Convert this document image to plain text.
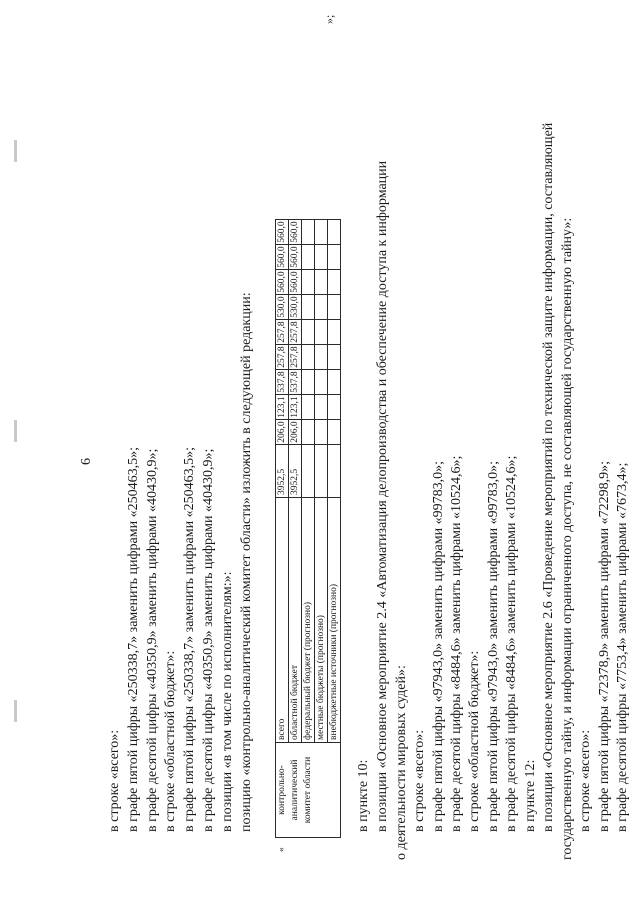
6
в строке «всего»: в графе пятой цифры «250338,7» заменить цифрами «250463,5»; в графе десятой цифры «40350,9» заменить цифрами «40430,9»; в строке «областной бюджет»: в графе пятой цифры «250338,7» заменить цифрами «250463,5»; в графе десятой цифры «40350,9» заменить цифрами «40430,9»; в позиции «в том числе по исполнителям:»: позицию «контрольно-аналитический комитет области» изложить в следующей редакции:
«	контрольно-аналитический комитет области	всего	3952,5	206,0	123,1	537,8	257,8	257,8	530,0	560,0	560,0	560,0
		областной бюджет	3952,5	206,0	123,1	537,8	257,8	257,8	530,0	560,0	560,0	560,0
		федеральный бюджет (прогнозно)										
		местные бюджеты (прогнозно)										
		внебюджетные источники (прогнозно)										
»;
в пункте 10: в позиции «Основное мероприятие 2.4 «Автоматизация делопроизводства и обеспечение доступа к информации о деятельности мировых судей»: в строке «всего»: в графе пятой цифры «97943,0» заменить цифрами «99783,0»; в графе десятой цифры «8484,6» заменить цифрами «10524,6»; в строке «областной бюджет»: в графе пятой цифры «97943,0» заменить цифрами «99783,0»; в графе десятой цифры «8484,6» заменить цифрами «10524,6»; в пункте 12: в позиции «Основное мероприятие 2.6 «Проведение мероприятий по технической защите информации, составляющей государственную тайну, и информации ограниченного доступа, не составляющей государственную тайну»: в строке «всего»: в графе пятой цифры «72378,9» заменить цифрами «72298,9»; в графе десятой цифры «7753,4» заменить цифрами «7673,4»;
